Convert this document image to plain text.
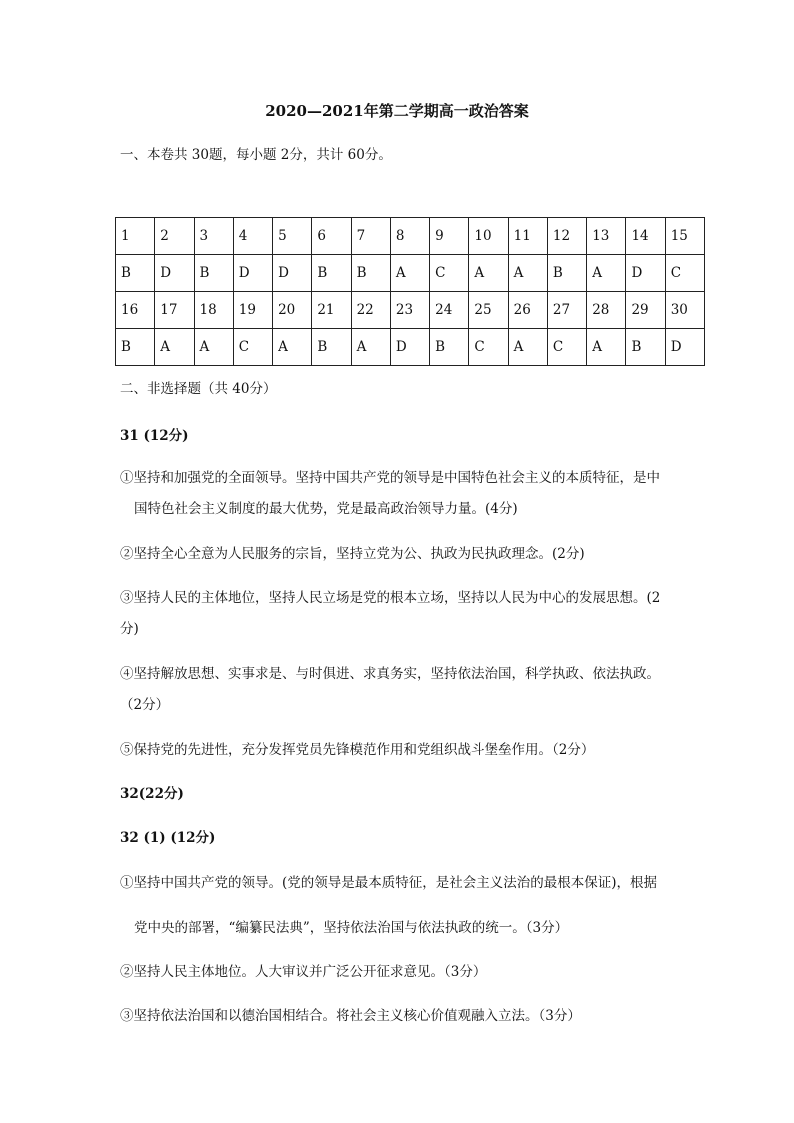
2020—2021年第二学期高一政治答案
一、本卷共 30题，每小题 2分，共计 60分。
1	2	3	4	5	6	7	8	9	10	11	12	13	14	15
B	D	B	D	D	B	B	A	C	A	A	B	A	D	C
16	17	18	19	20	21	22	23	24	25	26	27	28	29	30
B	A	A	C	A	B	A	D	B	C	A	C	A	B	D
二、非选择题（共 40分）
31 (12分)
①坚持和加强党的全面领导。坚持中国共产党的领导是中国特色社会主义的本质特征，是中
国特色社会主义制度的最大优势，党是最高政治领导力量。(4分)
②坚持全心全意为人民服务的宗旨，坚持立党为公、执政为民执政理念。(2分)
③坚持人民的主体地位，坚持人民立场是党的根本立场，坚持以人民为中心的发展思想。(2
分)
④坚持解放思想、实事求是、与时俱进、求真务实，坚持依法治国，科学执政、依法执政。
（2分）
⑤保持党的先进性，充分发挥党员先锋模范作用和党组织战斗堡垒作用。（2分）
32(22分)
32 (1) (12分)
①坚持中国共产党的领导。(党的领导是最本质特征，是社会主义法治的最根本保证)，根据
党中央的部署，“编纂民法典”，坚持依法治国与依法执政的统一。（3分）
②坚持人民主体地位。人大审议并广泛公开征求意见。（3分）
③坚持依法治国和以德治国相结合。将社会主义核心价值观融入立法。（3分）
